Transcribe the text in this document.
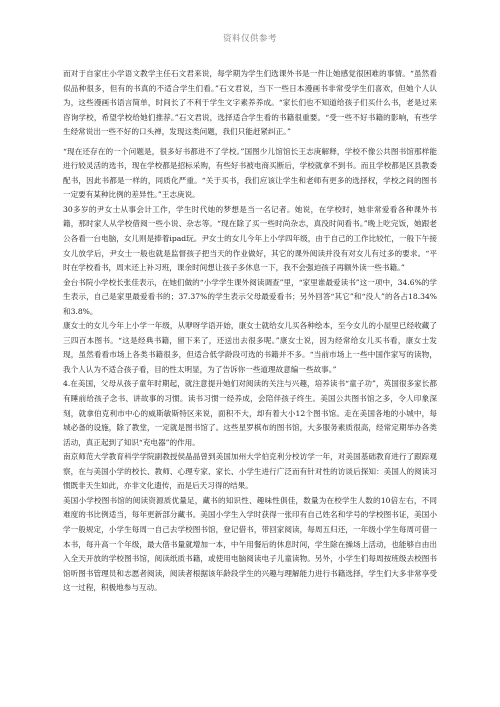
资料仅供参考

而对于自家庄小学语文教学主任石文君来说，每学期为学生们选课外书是一件让她感觉很困难的事情。“虽然看似品种很多，但有的书真的不适合学生们看。”石文君说，当下一些日本漫画书非常受学生们喜欢，但她个人认为，这些漫画书语言简单，时间长了不利于学生文字素养养成。“家长们也不知道给孩子们买什么书，老是过来咨询学校，希望学校给她们推荐。”石文君说，选择适合学生看的书籍很重要。“受一些不好书籍的影响，有些学生经常说出一些不好的口头禅，发现这类问题，我们只能赶紧纠正。”

“现在还存在的一个问题是，很多好书都进不了学校。”国图少儿馆馆长王志庚解释，学校不像公共图书馆那样能进行较灵活的选书，现在学校都是招标采购，有些好书被电商买断后，学校就拿不到书。而且学校都是区县教委配书，因此书都是一样的，同质化严重。“关于买书，我们应该让学生和老师有更多的选择权，学校之间的图书一定要有某种比例的差异性。”王志庚说。

30多岁的尹女士从事会计工作，学生时代她的梦想是当一名记者。她说，在学校时，她非常爱看各种课外书籍，那时家人从学校借阅一些小说、杂志等。“现在除了买一些时尚杂志，真没时间看书。”晚上吃完饭，她跟老公各看一台电脑，女儿则是捧着ipad玩。尹女士的女儿今年上小学四年级，由于自己的工作比较忙，一般下午接女儿放学后，尹女士一般也就是监督孩子把当天的作业做好，其它的课外阅读并没有对女儿有过多的要求。“平时在学校看书，周末还上补习班，课余时间想让孩子多休息一下，我不会强迫孩子再额外读一些书籍。”

金台书院小学校长张佳表示，在她们做的“小学学生课外阅读调查”里，“家里谁最爱读书”这一项中，34.6%的学生表示，自己是家里最爱看书的；37.37%的学生表示父母最爱看书；另外回答“其它”和“没人”的各占18.34%和3.8%。

康女士的女儿今年上小学一年级，从咿呀学语开始，康女士就给女儿买各种绘本，至今女儿的小屋里已经收藏了三四百本图书。“这是经典书籍，留下来了，还送出去很多呢。”康女士说，因为经常给女儿买书看，康女士发现，虽然看看市场上各类书籍很多，但适合低学龄段可选的书籍并不多。“当前市场上一些中国作家写的读物，我个人认为不适合孩子看，目的性太明显，为了告诉你一些道理故意编一些故事。”

4.在美国，父母从孩子童年时期起，就注意提升她们对阅读的关注与兴趣，培养读书“童子功”，英国很多家长都有睡前给孩子念书、讲故事的习惯。读书习惯一经养成，会陪伴孩子终生。美国公共图书馆之多，令人印象深刻，就拿伯克利市中心的威斯敏斯特区来说，面积不大，却有着大小12个图书馆。走在美国各地的小城中，每城必备的设施，除了教堂，一定就是图书馆了。这些星罗棋布的图书馆，大多服务素质很高，经常定期举办各类活动，真正起到了知识“充电器”的作用。

南京师范大学教育科学学院副教授侯晶晶曾到美国加州大学伯克利分校访学一年，对美国基础教育进行了跟踪观察，在与美国小学的校长、教师、心理专家、家长、小学生进行广泛而有针对性的访谈后探知：美国人的阅读习惯既非天生如此，亦非文化遗传，而是后天习得的结果。

美国小学校图书馆的阅读资源质优量足，藏书的知识性、趣味性俱佳，数量为在校学生人数的10倍左右，不同难度的书比例适当，每年更新部分藏书。美国小学生入学时获得一张印有自己姓名和学号的学校图书证，美国小学一般规定，小学生每周一自己去学校图书馆，登记借书，带回家阅读，每周五归还，一年级小学生每周可借一本书，每升高一个年级，最大借书量就增加一本，中午用餐后的休息时间，学生除在操场上活动，也能够自由出入全天开放的学校图书馆，阅读纸质书籍，或使用电脑阅读电子儿童读物。另外，小学生们每周按班级去校图书馆听图书管理员和志愿者阅读，阅读者根据该年龄段学生的兴趣与理解能力进行书籍选择，学生们大多非常享受这一过程，积极地参与互动。
